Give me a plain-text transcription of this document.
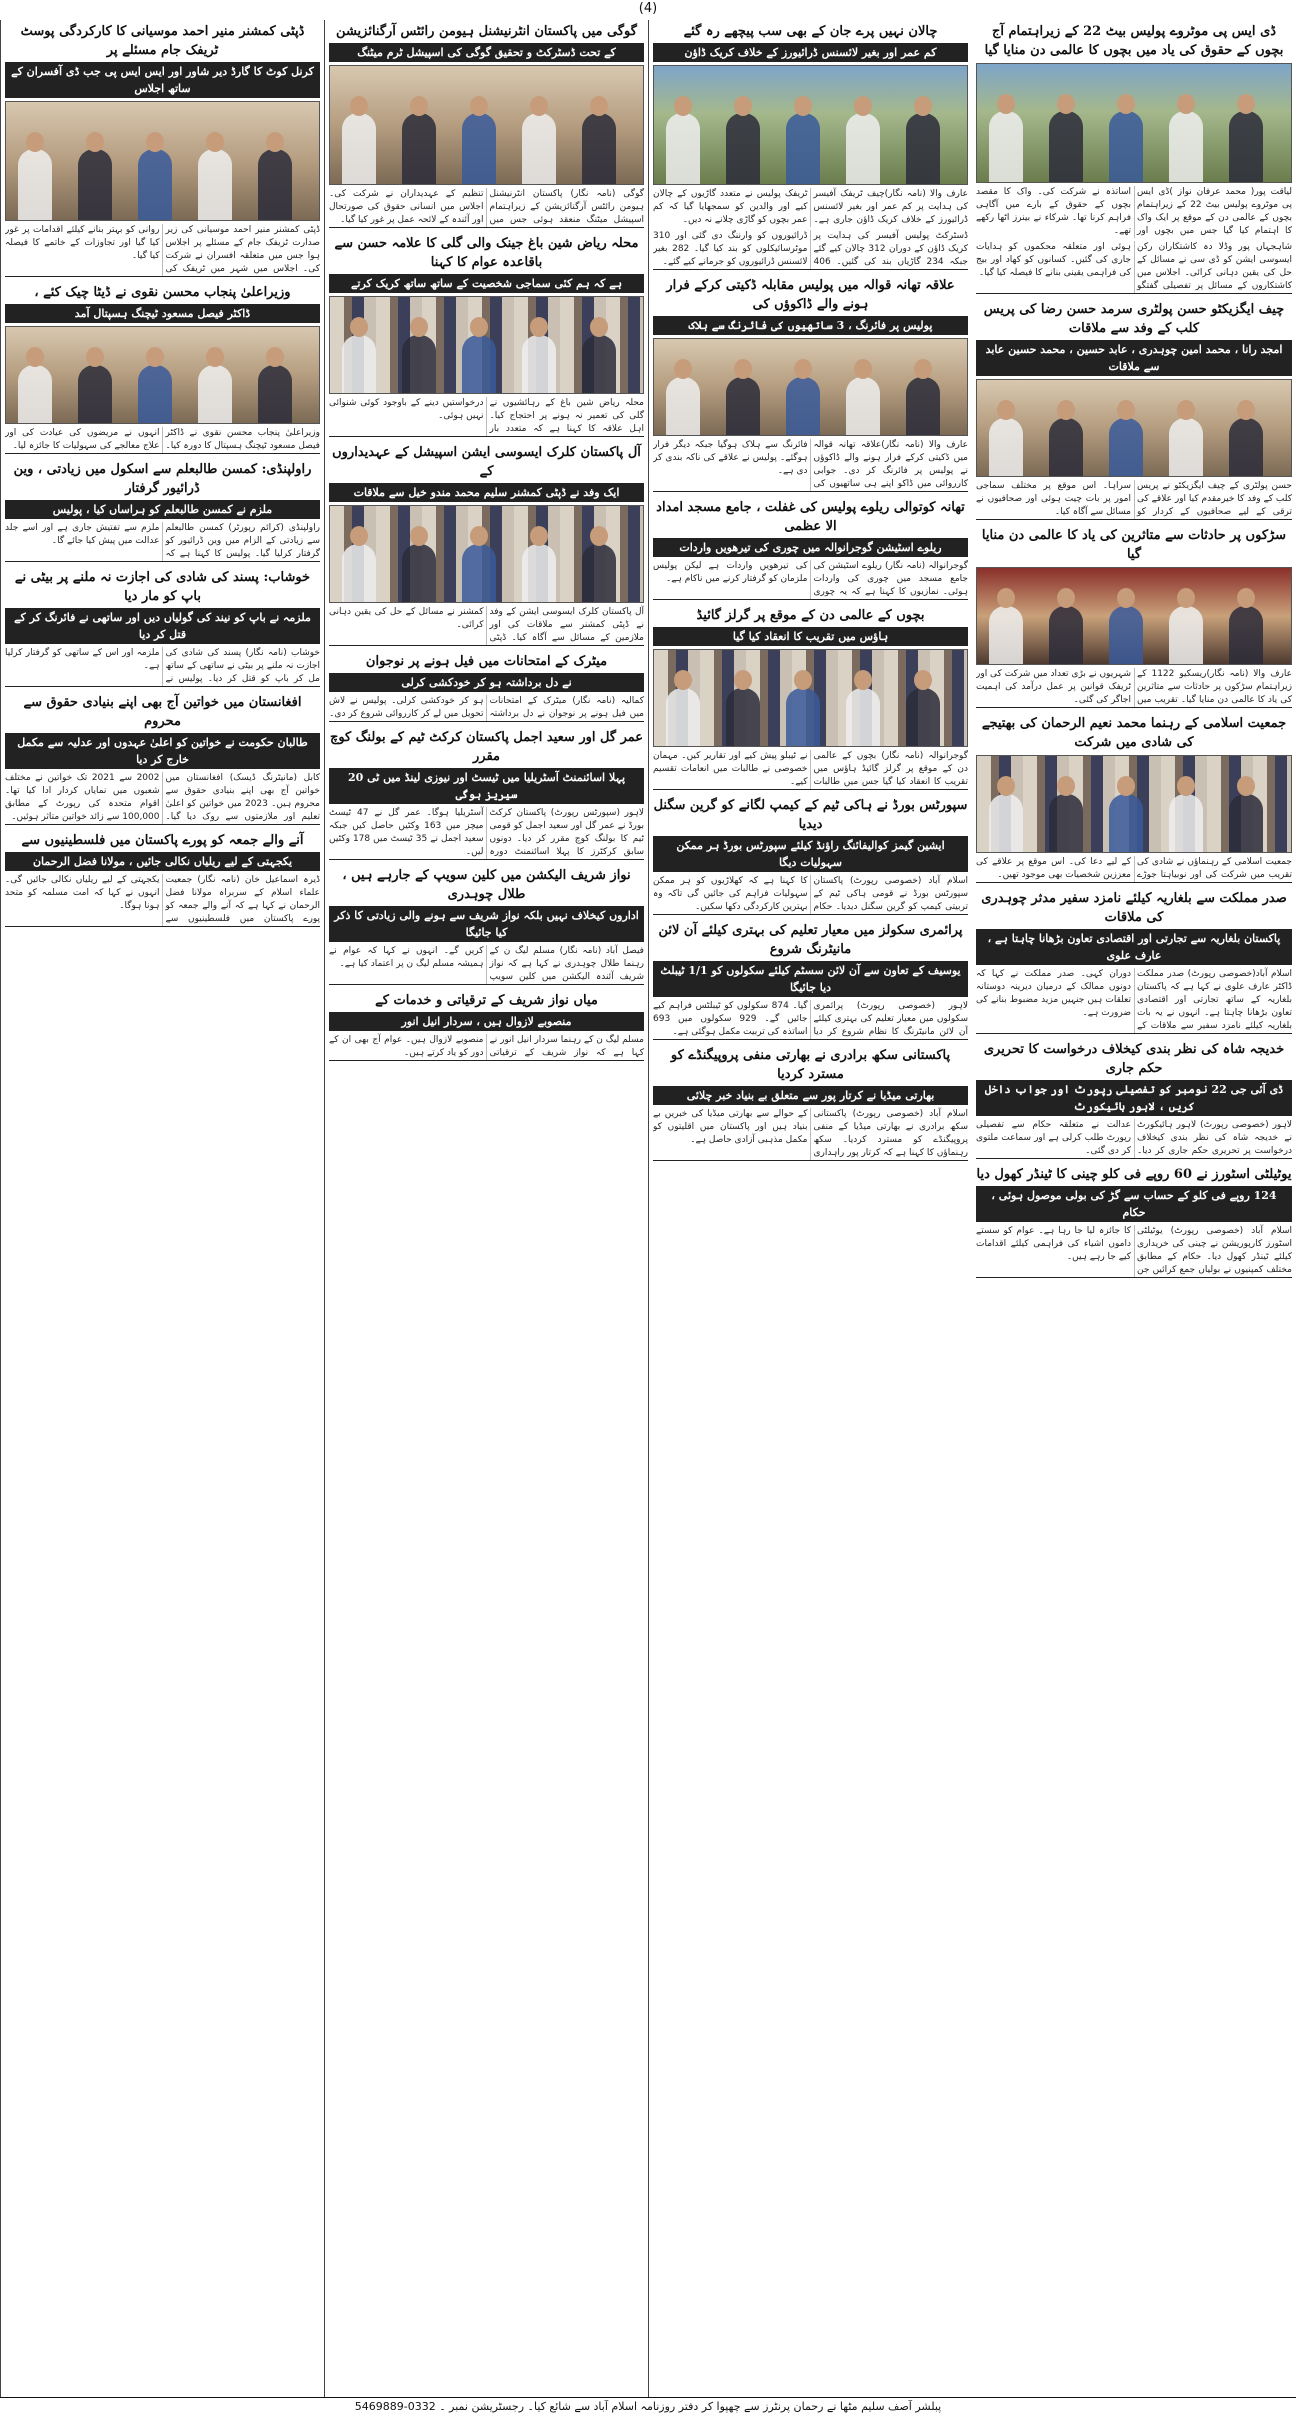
(4)
ڈی ایس پی موٹروے پولیس بیٹ 22 کے زیراہتمام آج بچوں کے حقوق کی یاد میں بچوں کا عالمی دن منایا گیا
لیاقت پور( محمد عرفان نواز )ڈی ایس پی موٹروے پولیس بیٹ 22 کے زیراہتمام بچوں کے عالمی دن کے موقع پر ایک واک کا اہتمام کیا گیا جس میں بچوں اور اساتذہ نے شرکت کی۔ واک کا مقصد بچوں کے حقوق کے بارے میں آگاہی فراہم کرنا تھا۔ شرکاء نے بینرز اٹھا رکھے تھے۔
شاہجہاں پور وڈلا دہ کاشتکاران رکن ایسوسی ایشن کو ڈی سی نے مسائل کے حل کی یقین دہانی کرائی۔ اجلاس میں کاشتکاروں کے مسائل پر تفصیلی گفتگو ہوئی اور متعلقہ محکموں کو ہدایات جاری کی گئیں۔ کسانوں کو کھاد اور بیج کی فراہمی یقینی بنانے کا فیصلہ کیا گیا۔
چیف ایگزیکٹو حسن پولٹری سرمد حسن رضا کی پریس کلب کے وفد سے ملاقات
امجد رانا ، محمد امین چوہدری ، عابد حسین ، محمد حسین عابد سے ملاقات
حسن پولٹری کے چیف ایگزیکٹو نے پریس کلب کے وفد کا خیرمقدم کیا اور علاقے کی ترقی کے لیے صحافیوں کے کردار کو سراہا۔ اس موقع پر مختلف سماجی امور پر بات چیت ہوئی اور صحافیوں نے مسائل سے آگاہ کیا۔
سڑکوں پر حادثات سے متاثرین کی یاد کا عالمی دن منایا گیا
عارف والا (نامہ نگار)ریسکیو 1122 کے زیراہتمام سڑکوں پر حادثات سے متاثرین کی یاد کا عالمی دن منایا گیا۔ تقریب میں شہریوں نے بڑی تعداد میں شرکت کی اور ٹریفک قوانین پر عمل درآمد کی اہمیت اجاگر کی گئی۔
جمعیت اسلامی کے رہنما محمد نعیم الرحمان کی بھتیجے کی شادی میں شرکت
جمعیت اسلامی کے رہنماؤں نے شادی کی تقریب میں شرکت کی اور نوبیاہتا جوڑے کے لیے دعا کی۔ اس موقع پر علاقے کی معززین شخصیات بھی موجود تھیں۔
صدر مملکت سے بلغاریہ کیلئے نامزد سفیر مدثر چوہدری کی ملاقات
پاکستان بلغاریہ سے تجارتی اور اقتصادی تعاون بڑھانا چاہتا ہے ، عارف علوی
اسلام آباد(خصوصی رپورٹ) صدر مملکت ڈاکٹر عارف علوی نے کہا ہے کہ پاکستان بلغاریہ کے ساتھ تجارتی اور اقتصادی تعاون بڑھانا چاہتا ہے۔ انہوں نے یہ بات بلغاریہ کیلئے نامزد سفیر سے ملاقات کے دوران کہی۔ صدر مملکت نے کہا کہ دونوں ممالک کے درمیان دیرینہ دوستانہ تعلقات ہیں جنہیں مزید مضبوط بنانے کی ضرورت ہے۔
خدیجہ شاہ کی نظر بندی کیخلاف درخواست کا تحریری حکم جاری
ڈی آئی جی 22 نومبر کو تفصیلی رپورٹ اور جواب داخل کریں ، لاہور ہائیکورٹ
لاہور (خصوصی رپورٹ) لاہور ہائیکورٹ نے خدیجہ شاہ کی نظر بندی کیخلاف درخواست پر تحریری حکم جاری کر دیا۔ عدالت نے متعلقہ حکام سے تفصیلی رپورٹ طلب کرلی ہے اور سماعت ملتوی کر دی گئی۔
یوٹیلٹی اسٹورز نے 60 روپے فی کلو چینی کا ٹینڈر کھول دیا
124 روپے فی کلو کے حساب سے گڑ کی بولی موصول ہوئی ، حکام
اسلام آباد (خصوصی رپورٹ) یوٹیلٹی اسٹورز کارپوریشن نے چینی کی خریداری کیلئے ٹینڈر کھول دیا۔ حکام کے مطابق مختلف کمپنیوں نے بولیاں جمع کرائیں جن کا جائزہ لیا جا رہا ہے۔ عوام کو سستے داموں اشیاء کی فراہمی کیلئے اقدامات کیے جا رہے ہیں۔
چالان نہیں پرے جان کے بھی سب پیچھے رہ گئے
کم عمر اور بغیر لائسنس ڈرائیورز کے خلاف کریک ڈاؤن
عارف والا (نامہ نگار)چیف ٹریفک آفیسر کی ہدایت پر کم عمر اور بغیر لائسنس ڈرائیورز کے خلاف کریک ڈاؤن جاری ہے۔ ٹریفک پولیس نے متعدد گاڑیوں کے چالان کیے اور والدین کو سمجھایا گیا کہ کم عمر بچوں کو گاڑی چلانے نہ دیں۔
ڈسٹرکٹ پولیس آفیسر کی ہدایت پر کریک ڈاؤن کے دوران 312 چالان کیے گئے جبکہ 234 گاڑیاں بند کی گئیں۔ 406 ڈرائیوروں کو وارننگ دی گئی اور 310 موٹرسائیکلوں کو بند کیا گیا۔ 282 بغیر لائسنس ڈرائیوروں کو جرمانے کیے گئے۔
علاقہ تھانہ قوالہ میں پولیس مقابلہ ڈکیتی کرکے فرار ہونے والے ڈاکوؤں کی
پولیس پر فائرنگ ، 3 ساتھیوں کی فائرنگ سے ہلاک
عارف والا (نامہ نگار)علاقہ تھانہ قوالہ میں ڈکیتی کرکے فرار ہونے والے ڈاکوؤں نے پولیس پر فائرنگ کر دی۔ جوابی کارروائی میں ڈاکو اپنے ہی ساتھیوں کی فائرنگ سے ہلاک ہوگیا جبکہ دیگر فرار ہوگئے۔ پولیس نے علاقے کی ناکہ بندی کر دی ہے۔
تھانہ کوتوالی ریلوے پولیس کی غفلت ، جامع مسجد امداد الا عظمی
ریلوے اسٹیشن گوجرانوالہ میں چوری کی تیرھویں واردات
گوجرانوالہ (نامہ نگار) ریلوے اسٹیشن کی جامع مسجد میں چوری کی واردات ہوئی۔ نمازیوں کا کہنا ہے کہ یہ چوری کی تیرھویں واردات ہے لیکن پولیس ملزمان کو گرفتار کرنے میں ناکام ہے۔
بچوں کے عالمی دن کے موقع پر گرلز گائیڈ
ہاؤس میں تقریب کا انعقاد کیا گیا
گوجرانوالہ (نامہ نگار) بچوں کے عالمی دن کے موقع پر گرلز گائیڈ ہاؤس میں تقریب کا انعقاد کیا گیا جس میں طالبات نے ٹیبلو پیش کیے اور تقاریر کیں۔ مہمان خصوصی نے طالبات میں انعامات تقسیم کیے۔
سپورٹس بورڈ نے ہاکی ٹیم کے کیمپ لگانے کو گرین سگنل دیدیا
ایشین گیمز کوالیفائنگ راؤنڈ کیلئے سپورٹس بورڈ ہر ممکن سہولیات دیگا
اسلام آباد (خصوصی رپورٹ) پاکستان سپورٹس بورڈ نے قومی ہاکی ٹیم کے تربیتی کیمپ کو گرین سگنل دیدیا۔ حکام کا کہنا ہے کہ کھلاڑیوں کو ہر ممکن سہولیات فراہم کی جائیں گی تاکہ وہ بہترین کارکردگی دکھا سکیں۔
پرائمری سکولز میں معیار تعلیم کی بہتری کیلئے آن لائن مانیٹرنگ شروع
یوسیف کے تعاون سے آن لائن سسٹم کیلئے سکولوں کو 1/1 ٹیبلٹ دیا جائیگا
لاہور (خصوصی رپورٹ) پرائمری سکولوں میں معیار تعلیم کی بہتری کیلئے آن لائن مانیٹرنگ کا نظام شروع کر دیا گیا۔ 874 سکولوں کو ٹیبلٹس فراہم کیے جائیں گے۔ 929 سکولوں میں 693 اساتذہ کی تربیت مکمل ہوگئی ہے۔
پاکستانی سکھ برادری نے بھارتی منفی پروپیگنڈے کو مسترد کردیا
بھارتی میڈیا نے کرتار پور سے متعلق بے بنیاد خبر چلائی
اسلام آباد (خصوصی رپورٹ) پاکستانی سکھ برادری نے بھارتی میڈیا کے منفی پروپیگنڈے کو مسترد کردیا۔ سکھ رہنماؤں کا کہنا ہے کہ کرتار پور راہداری کے حوالے سے بھارتی میڈیا کی خبریں بے بنیاد ہیں اور پاکستان میں اقلیتوں کو مکمل مذہبی آزادی حاصل ہے۔
گوگی میں پاکستان انٹرنیشنل ہیومن رائٹس آرگنائزیشن
کے تحت ڈسٹرکٹ و تحقیق گوگی کی اسپیشل ٹرم میٹنگ
گوگی (نامہ نگار) پاکستان انٹرنیشنل ہیومن رائٹس آرگنائزیشن کے زیراہتمام اسپیشل میٹنگ منعقد ہوئی جس میں تنظیم کے عہدیداران نے شرکت کی۔ اجلاس میں انسانی حقوق کی صورتحال اور آئندہ کے لائحہ عمل پر غور کیا گیا۔
محلہ ریاض شین باغ جینک والی گلی کا علامہ حسن سے باقاعدہ عوام کا کہنا
ہے کہ ہم کئی سماجی شخصیت کے ساتھ ساتھ کریک کرتے
محلہ ریاض شین باغ کے رہائشیوں نے گلی کی تعمیر نہ ہونے پر احتجاج کیا۔ اہل علاقہ کا کہنا ہے کہ متعدد بار درخواستیں دینے کے باوجود کوئی شنوائی نہیں ہوئی۔
آل پاکستان کلرک ایسوسی ایشن اسپیشل کے عہدیداروں کے
ایک وفد نے ڈپٹی کمشنر سلیم محمد مندو خیل سے ملاقات
آل پاکستان کلرک ایسوسی ایشن کے وفد نے ڈپٹی کمشنر سے ملاقات کی اور ملازمین کے مسائل سے آگاہ کیا۔ ڈپٹی کمشنر نے مسائل کے حل کی یقین دہانی کرائی۔
میٹرک کے امتحانات میں فیل ہونے پر نوجوان
نے دل برداشتہ ہو کر خودکشی کرلی
کمالیہ (نامہ نگار) میٹرک کے امتحانات میں فیل ہونے پر نوجوان نے دل برداشتہ ہو کر خودکشی کرلی۔ پولیس نے لاش تحویل میں لے کر کارروائی شروع کر دی۔
عمر گل اور سعید اجمل پاکستان کرکٹ ٹیم کے بولنگ کوچ مقرر
پہلا اسائنمنٹ آسٹریلیا میں ٹیسٹ اور نیوزی لینڈ میں ٹی 20 سیریز ہوگی
لاہور (سپورٹس رپورٹ) پاکستان کرکٹ بورڈ نے عمر گل اور سعید اجمل کو قومی ٹیم کا بولنگ کوچ مقرر کر دیا۔ دونوں سابق کرکٹرز کا پہلا اسائنمنٹ دورہ آسٹریلیا ہوگا۔ عمر گل نے 47 ٹیسٹ میچز میں 163 وکٹیں حاصل کیں جبکہ سعید اجمل نے 35 ٹیسٹ میں 178 وکٹیں لیں۔
نواز شریف الیکشن میں کلین سویپ کے جارہے ہیں ، طلال چوہدری
اداروں کیخلاف نہیں بلکہ نواز شریف سے ہونے والی زیادتی کا ذکر کیا جائیگا
فیصل آباد (نامہ نگار) مسلم لیگ ن کے رہنما طلال چوہدری نے کہا ہے کہ نواز شریف آئندہ الیکشن میں کلین سویپ کریں گے۔ انہوں نے کہا کہ عوام نے ہمیشہ مسلم لیگ ن پر اعتماد کیا ہے۔
میاں نواز شریف کے ترقیاتی و خدمات کے
منصوبے لازوال ہیں ، سردار انیل انور
مسلم لیگ ن کے رہنما سردار انیل انور نے کہا ہے کہ نواز شریف کے ترقیاتی منصوبے لازوال ہیں۔ عوام آج بھی ان کے دور کو یاد کرتے ہیں۔
ڈپٹی کمشنر منیر احمد موسیانی کا کارکردگی پوسٹ ٹریفک جام مسئلے پر
کرنل کوٹ کا گارڈ دیر شاور اور ایس ایس پی جب ڈی آفسران کے ساتھ اجلاس
ڈپٹی کمشنر منیر احمد موسیانی کی زیر صدارت ٹریفک جام کے مسئلے پر اجلاس ہوا جس میں متعلقہ افسران نے شرکت کی۔ اجلاس میں شہر میں ٹریفک کی روانی کو بہتر بنانے کیلئے اقدامات پر غور کیا گیا اور تجاوزات کے خاتمے کا فیصلہ کیا گیا۔
وزیراعلیٰ پنجاب محسن نقوی نے ڈیٹا چیک کئے ،
ڈاکٹر فیصل مسعود ٹیچنگ ہسپتال آمد
وزیراعلیٰ پنجاب محسن نقوی نے ڈاکٹر فیصل مسعود ٹیچنگ ہسپتال کا دورہ کیا۔ انہوں نے مریضوں کی عیادت کی اور علاج معالجے کی سہولیات کا جائزہ لیا۔
راولپنڈی: کمسن طالبعلم سے اسکول میں زیادتی ، وین ڈرائیور گرفتار
ملزم نے کمسن طالبعلم کو ہراساں کیا ، پولیس
راولپنڈی (کرائم رپورٹر) کمسن طالبعلم سے زیادتی کے الزام میں وین ڈرائیور کو گرفتار کرلیا گیا۔ پولیس کا کہنا ہے کہ ملزم سے تفتیش جاری ہے اور اسے جلد عدالت میں پیش کیا جائے گا۔
خوشاب: پسند کی شادی کی اجازت نہ ملنے پر بیٹی نے باپ کو مار دیا
ملزمہ نے باپ کو نیند کی گولیاں دیں اور ساتھی نے فائرنگ کر کے قتل کر دیا
خوشاب (نامہ نگار) پسند کی شادی کی اجازت نہ ملنے پر بیٹی نے ساتھی کے ساتھ مل کر باپ کو قتل کر دیا۔ پولیس نے ملزمہ اور اس کے ساتھی کو گرفتار کرلیا ہے۔
افغانستان میں خواتین آج بھی اپنے بنیادی حقوق سے محروم
طالبان حکومت نے خواتین کو اعلیٰ عہدوں اور عدلیہ سے مکمل خارج کر دیا
کابل (مانیٹرنگ ڈیسک) افغانستان میں خواتین آج بھی اپنے بنیادی حقوق سے محروم ہیں۔ 2023 میں خواتین کو اعلیٰ تعلیم اور ملازمتوں سے روک دیا گیا۔ 2002 سے 2021 تک خواتین نے مختلف شعبوں میں نمایاں کردار ادا کیا تھا۔ اقوام متحدہ کی رپورٹ کے مطابق 100,000 سے زائد خواتین متاثر ہوئیں۔
آنے والے جمعہ کو پورے پاکستان میں فلسطینیوں سے
یکجہتی کے لیے ریلیاں نکالی جائیں ، مولانا فضل الرحمان
ڈیرہ اسماعیل خان (نامہ نگار) جمعیت علماء اسلام کے سربراہ مولانا فضل الرحمان نے کہا ہے کہ آنے والے جمعہ کو پورے پاکستان میں فلسطینیوں سے یکجہتی کے لیے ریلیاں نکالی جائیں گی۔ انہوں نے کہا کہ امت مسلمہ کو متحد ہونا ہوگا۔
پبلشر آصف سلیم مٹھا نے رحمان پرنٹرز سے چھپوا کر دفتر روزنامہ اسلام آباد سے شائع کیا۔ رجسٹریشن نمبر ۔ 0332-5469889
